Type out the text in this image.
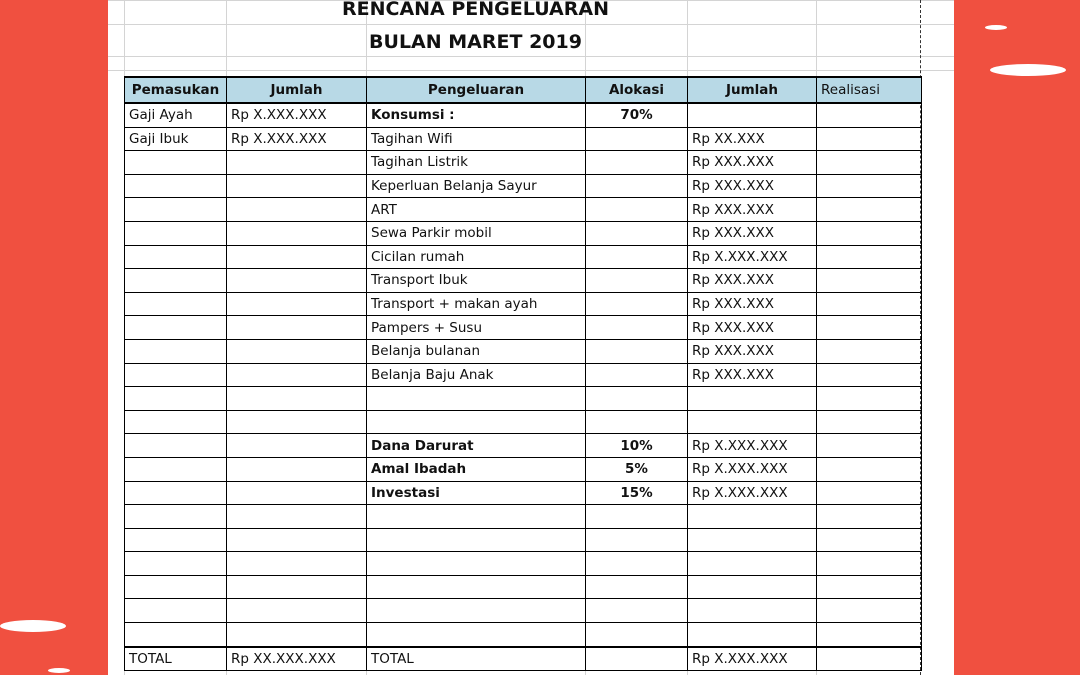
RENCANA PENGELUARAN
BULAN MARET 2019
Pemasukan	Jumlah	Pengeluaran	Alokasi	Jumlah	Realisasi
Gaji Ayah	Rp X.XXX.XXX	Konsumsi :	70%		
Gaji Ibuk	Rp X.XXX.XXX	Tagihan Wifi		Rp XX.XXX	
		Tagihan Listrik		Rp XXX.XXX	
		Keperluan Belanja Sayur		Rp XXX.XXX	
		ART		Rp XXX.XXX	
		Sewa Parkir mobil		Rp XXX.XXX	
		Cicilan rumah		Rp X.XXX.XXX	
		Transport Ibuk		Rp XXX.XXX	
		Transport + makan ayah		Rp XXX.XXX	
		Pampers + Susu		Rp XXX.XXX	
		Belanja bulanan		Rp XXX.XXX	
		Belanja Baju Anak		Rp XXX.XXX	

		Dana Darurat	10%	Rp X.XXX.XXX	
		Amal Ibadah	5%	Rp X.XXX.XXX	
		Investasi	15%	Rp X.XXX.XXX	

TOTAL	Rp XX.XXX.XXX	TOTAL		Rp X.XXX.XXX	
